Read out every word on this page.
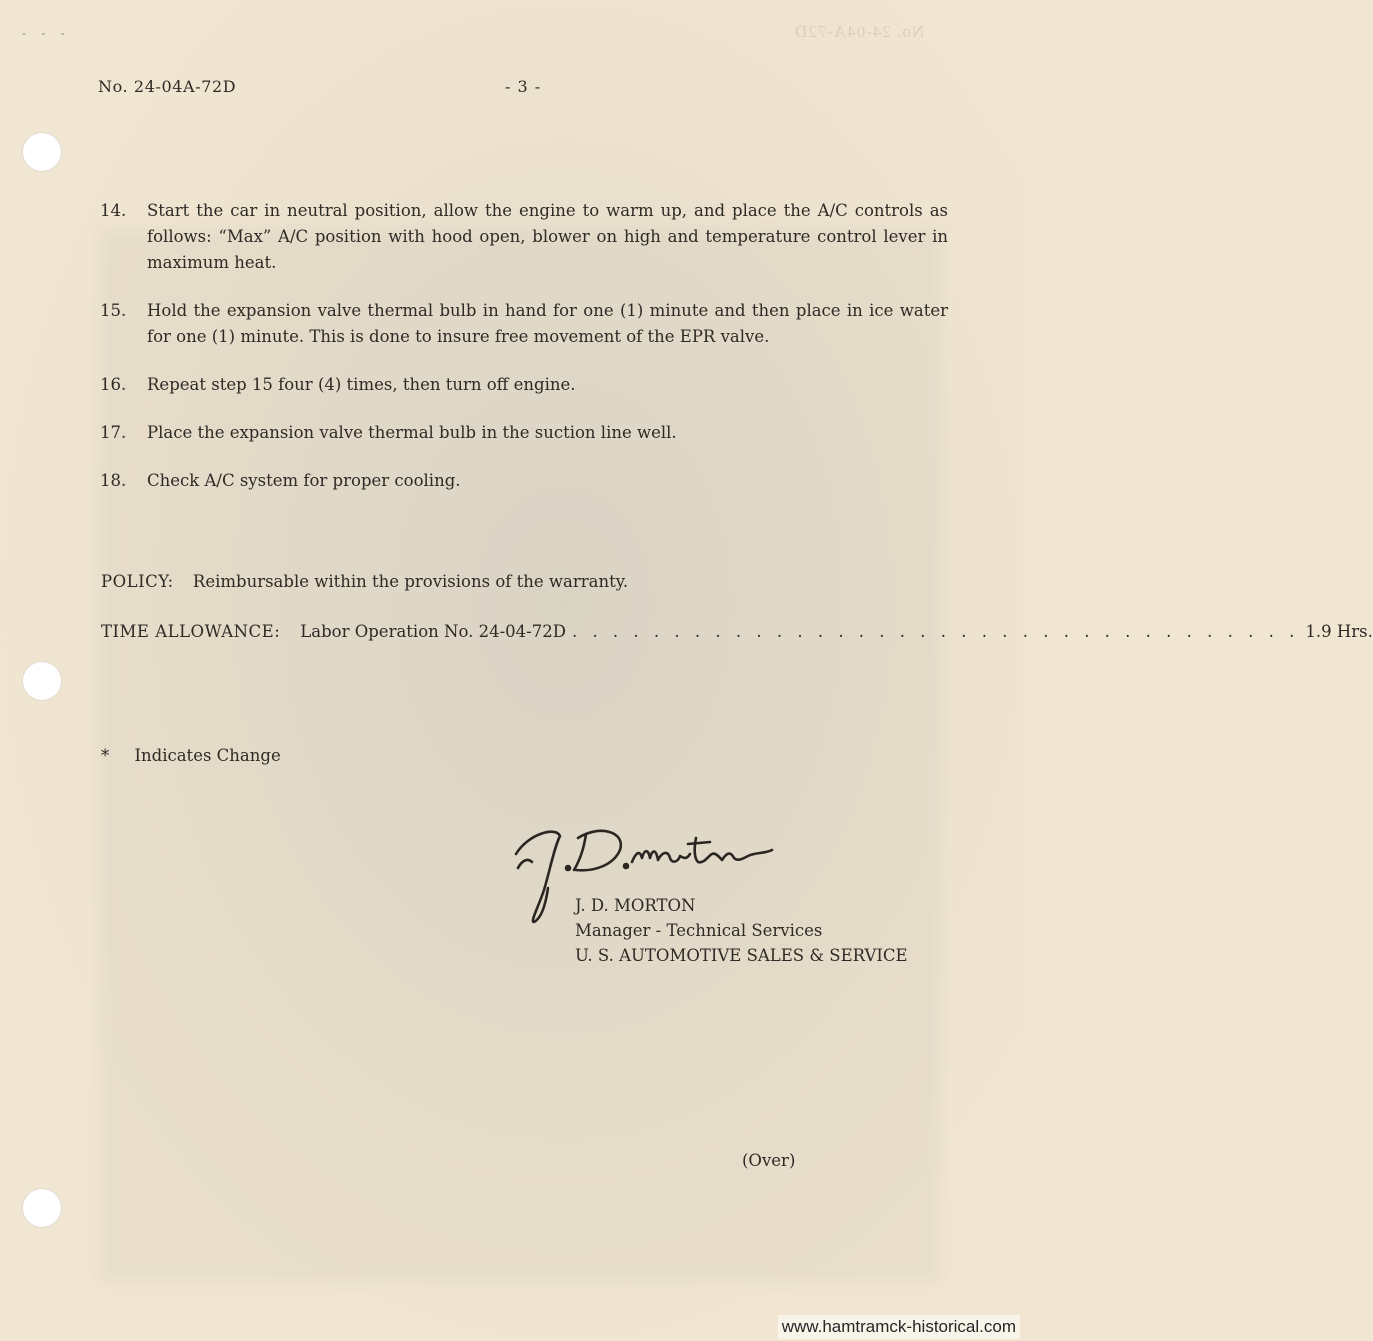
- - -	No. 24-04A-72D
No. 24-04A-72D	- 3 -
14.	Start the car in neutral position, allow the engine to warm up, and place the A/C controls as follows: “Max” A/C position with hood open, blower on high and temperature control lever in maximum heat.
15.	Hold the expansion valve thermal bulb in hand for one (1) minute and then place in ice water for one (1) minute. This is done to insure free movement of the EPR valve.
16.	Repeat step 15 four (4) times, then turn off engine.
17.	Place the expansion valve thermal bulb in the suction line well.
18.	Check A/C system for proper cooling.
POLICY: Reimbursable within the provisions of the warranty.
TIME ALLOWANCE: Labor Operation No. 24-04-72D . . . . . . . . . . . . . . . . . . . . . . . . . . . . . . . . . . . . 1.9 Hrs.
* Indicates Change
J. D. MORTON
Manager - Technical Services
U. S. AUTOMOTIVE SALES & SERVICE
(Over)
www.hamtramck-historical.com
